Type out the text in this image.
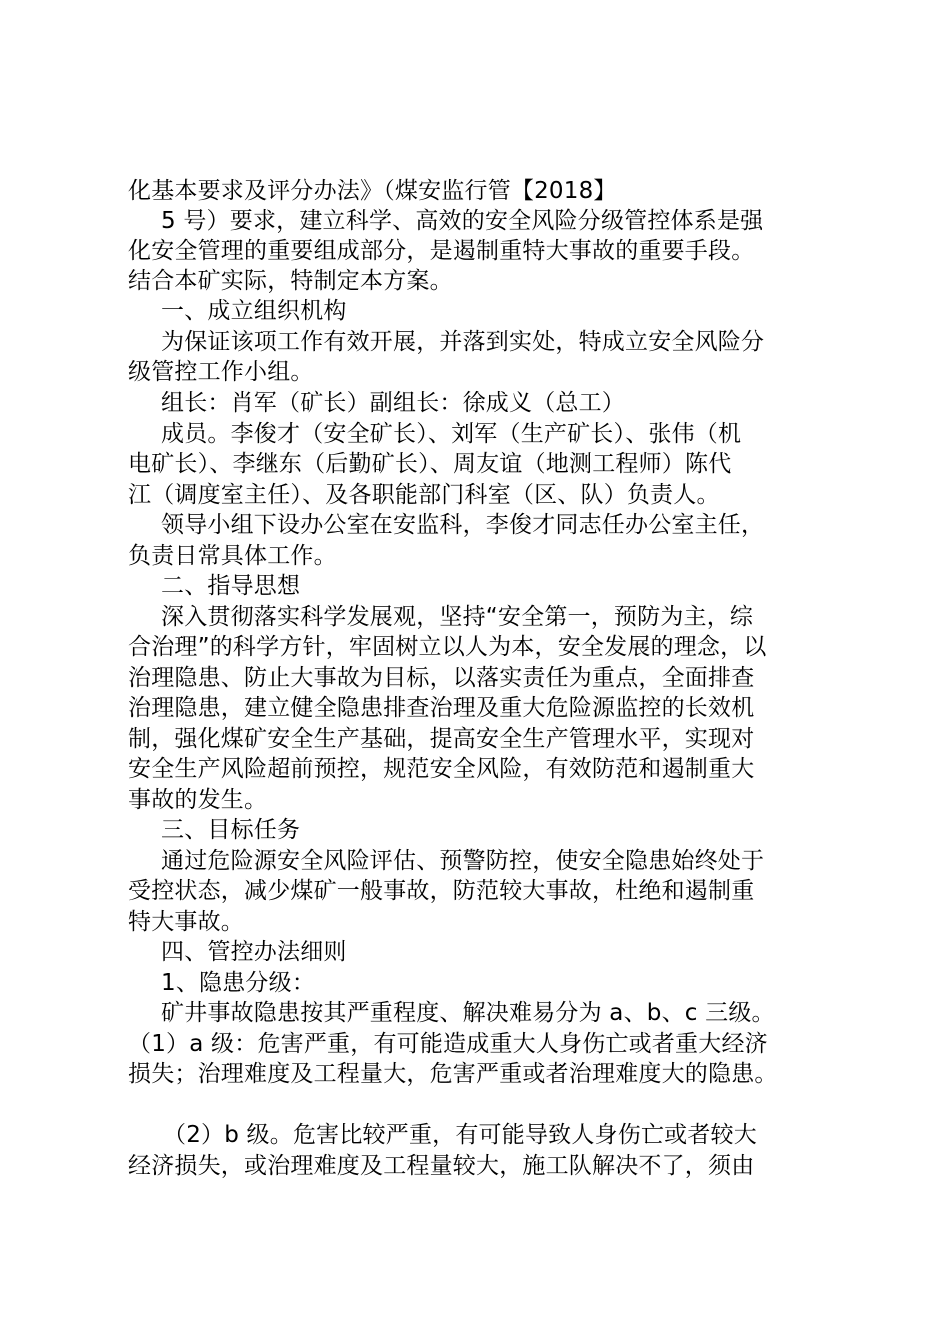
化基本要求及评分办法》（煤安监行管【2018】
5 号）要求，建立科学、高效的安全风险分级管控体系是强
化安全管理的重要组成部分，是遏制重特大事故的重要手段。
结合本矿实际，特制定本方案。
一、成立组织机构
为保证该项工作有效开展，并落到实处，特成立安全风险分
级管控工作小组。
组长：肖军（矿长）副组长：徐成义（总工）
成员。李俊才（安全矿长）、刘军（生产矿长）、张伟（机
电矿长）、李继东（后勤矿长）、周友谊（地测工程师）陈代
江（调度室主任）、及各职能部门科室（区、队）负责人。
领导小组下设办公室在安监科，李俊才同志任办公室主任，
负责日常具体工作。
二、指导思想
深入贯彻落实科学发展观，坚持“安全第一，预防为主，综
合治理”的科学方针，牢固树立以人为本，安全发展的理念，以
治理隐患、防止大事故为目标，以落实责任为重点，全面排查
治理隐患，建立健全隐患排查治理及重大危险源监控的长效机
制，强化煤矿安全生产基础，提高安全生产管理水平，实现对
安全生产风险超前预控，规范安全风险，有效防范和遏制重大
事故的发生。
三、目标任务
通过危险源安全风险评估、预警防控，使安全隐患始终处于
受控状态，减少煤矿一般事故，防范较大事故，杜绝和遏制重
特大事故。
四、管控办法细则
1、隐患分级：
矿井事故隐患按其严重程度、解决难易分为 a、b、c 三级。
（1）a 级：危害严重，有可能造成重大人身伤亡或者重大经济
损失；治理难度及工程量大，危害严重或者治理难度大的隐患。
（2）b 级。危害比较严重，有可能导致人身伤亡或者较大
经济损失，或治理难度及工程量较大，施工队解决不了，须由
